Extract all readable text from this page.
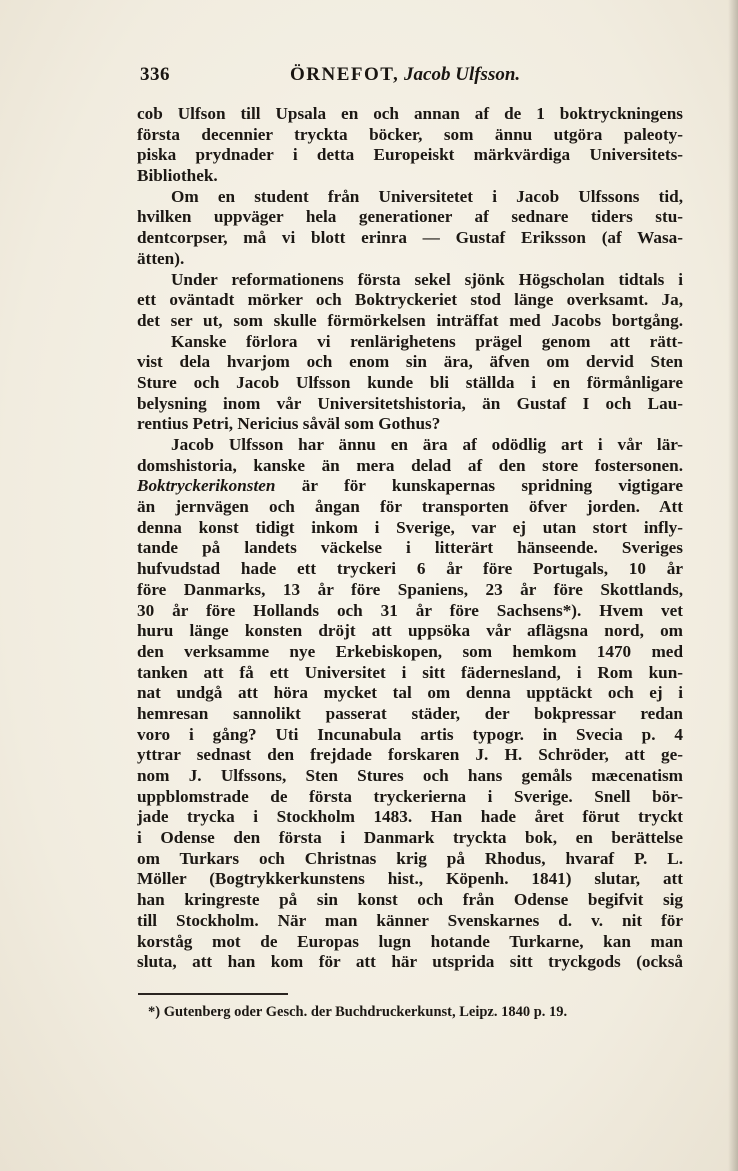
336	ÖRNEFOT, Jacob Ulfsson.
cob Ulfson till Upsala en och annan af de 1 boktryckningens
första decennier tryckta böcker, som ännu utgöra paleoty-
piska prydnader i detta Europeiskt märkvärdiga Universitets-
Bibliothek.
Om en student från Universitetet i Jacob Ulfssons tid,
hvilken uppväger hela generationer af sednare tiders stu-
dentcorpser, må vi blott erinra — Gustaf Eriksson (af Wasa-
ätten).
Under reformationens första sekel sjönk Högscholan tidtals i
ett oväntadt mörker och Boktryckeriet stod länge overksamt. Ja,
det ser ut, som skulle förmörkelsen inträffat med Jacobs bortgång.
Kanske förlora vi renlärighetens prägel genom att rätt-
vist dela hvarjom och enom sin ära, äfven om dervid Sten
Sture och Jacob Ulfsson kunde bli ställda i en förmånligare
belysning inom vår Universitetshistoria, än Gustaf I och Lau-
rentius Petri, Nericius såväl som Gothus?
Jacob Ulfsson har ännu en ära af odödlig art i vår lär-
domshistoria, kanske än mera delad af den store fostersonen.
Boktryckerikonsten är för kunskapernas spridning vigtigare
än jernvägen och ångan för transporten öfver jorden. Att
denna konst tidigt inkom i Sverige, var ej utan stort infly-
tande på landets väckelse i litterärt hänseende. Sveriges
hufvudstad hade ett tryckeri 6 år före Portugals, 10 år
före Danmarks, 13 år före Spaniens, 23 år före Skottlands,
30 år före Hollands och 31 år före Sachsens*). Hvem vet
huru länge konsten dröjt att uppsöka vår aflägsna nord, om
den verksamme nye Erkebiskopen, som hemkom 1470 med
tanken att få ett Universitet i sitt fädernesland, i Rom kun-
nat undgå att höra mycket tal om denna upptäckt och ej i
hemresan sannolikt passerat städer, der bokpressar redan
voro i gång? Uti Incunabula artis typogr. in Svecia p. 4
yttrar sednast den frejdade forskaren J. H. Schröder, att ge-
nom J. Ulfssons, Sten Stures och hans gemåls mæcenatism
uppblomstrade de första tryckerierna i Sverige. Snell bör-
jade trycka i Stockholm 1483. Han hade året förut tryckt
i Odense den första i Danmark tryckta bok, en berättelse
om Turkars och Christnas krig på Rhodus, hvaraf P. L.
Möller (Bogtrykkerkunstens hist., Köpenh. 1841) slutar, att
han kringreste på sin konst och från Odense begifvit sig
till Stockholm. När man känner Svenskarnes d. v. nit för
korståg mot de Europas lugn hotande Turkarne, kan man
sluta, att han kom för att här utsprida sitt tryckgods (också
*) Gutenberg oder Gesch. der Buchdruckerkunst, Leipz. 1840 p. 19.
